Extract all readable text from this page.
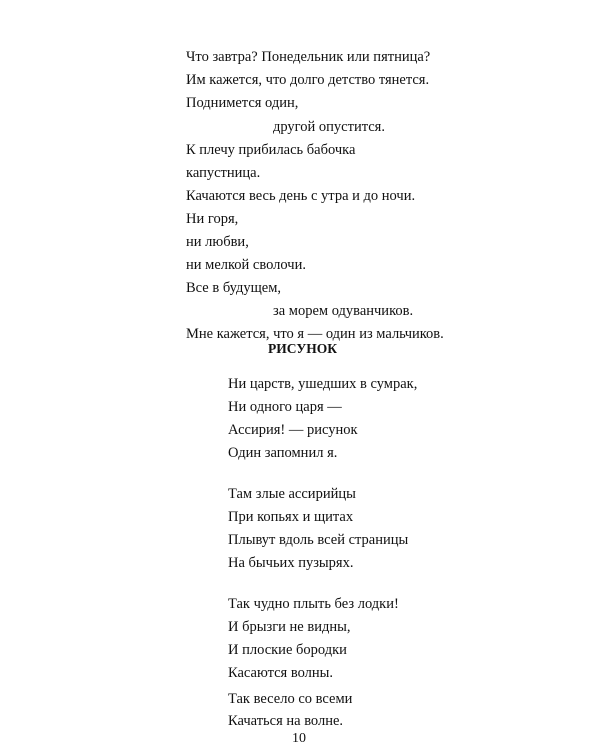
Что завтра? Понедельник или пятница?
Им кажется, что долго детство тянется.
Поднимется один,
другой опустится.
К плечу прибилась бабочка
капустница.
Качаются весь день с утра и до ночи.
Ни горя,
ни любви,
ни мелкой сволочи.
Все в будущем,
за морем одуванчиков.
Мне кажется, что я — один из мальчиков.
РИСУНОК
Ни царств, ушедших в сумрак,
Ни одного царя —
Ассирия! — рисунок
Один запомнил я.
Там злые ассирийцы
При копьях и щитах
Плывут вдоль всей страницы
На бычьих пузырях.
Так чудно плыть без лодки!
И брызги не видны,
И плоские бородки
Касаются волны.
Так весело со всеми
Качаться на волне.
10
